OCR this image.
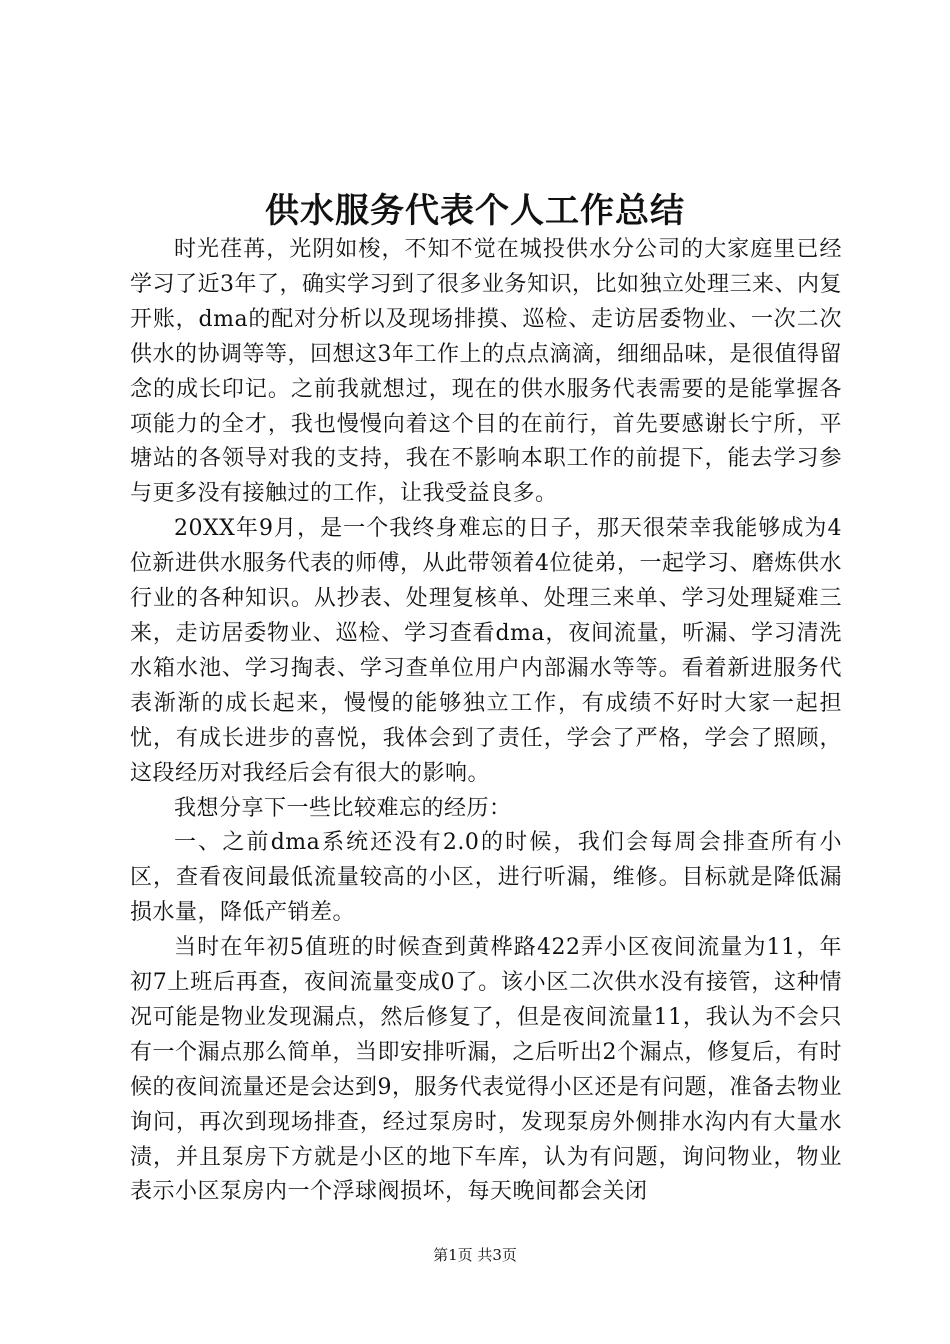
供水服务代表个人工作总结

时光荏苒，光阴如梭，不知不觉在城投供水分公司的大家庭里已经学习了近3年了，确实学习到了很多业务知识，比如独立处理三来、内复开账，dma的配对分析以及现场排摸、巡检、走访居委物业、一次二次供水的协调等等，回想这3年工作上的点点滴滴，细细品味，是很值得留念的成长印记。之前我就想过，现在的供水服务代表需要的是能掌握各项能力的全才，我也慢慢向着这个目的在前行，首先要感谢长宁所，平塘站的各领导对我的支持，我在不影响本职工作的前提下，能去学习参与更多没有接触过的工作，让我受益良多。

20XX年9月，是一个我终身难忘的日子，那天很荣幸我能够成为4位新进供水服务代表的师傅，从此带领着4位徒弟，一起学习、磨炼供水行业的各种知识。从抄表、处理复核单、处理三来单、学习处理疑难三来，走访居委物业、巡检、学习查看dma，夜间流量，听漏、学习清洗水箱水池、学习掏表、学习查单位用户内部漏水等等。看着新进服务代表渐渐的成长起来，慢慢的能够独立工作，有成绩不好时大家一起担忧，有成长进步的喜悦，我体会到了责任，学会了严格，学会了照顾，这段经历对我经后会有很大的影响。

我想分享下一些比较难忘的经历：

一、之前dma系统还没有2.0的时候，我们会每周会排查所有小区，查看夜间最低流量较高的小区，进行听漏，维修。目标就是降低漏损水量，降低产销差。

当时在年初5值班的时候查到黄桦路422弄小区夜间流量为11，年初7上班后再查，夜间流量变成0了。该小区二次供水没有接管，这种情况可能是物业发现漏点，然后修复了，但是夜间流量11，我认为不会只有一个漏点那么简单，当即安排听漏，之后听出2个漏点，修复后，有时候的夜间流量还是会达到9，服务代表觉得小区还是有问题，准备去物业询问，再次到现场排查，经过泵房时，发现泵房外侧排水沟内有大量水渍，并且泵房下方就是小区的地下车库，认为有问题，询问物业，物业表示小区泵房内一个浮球阀损坏，每天晚间都会关闭

第1页 共3页
